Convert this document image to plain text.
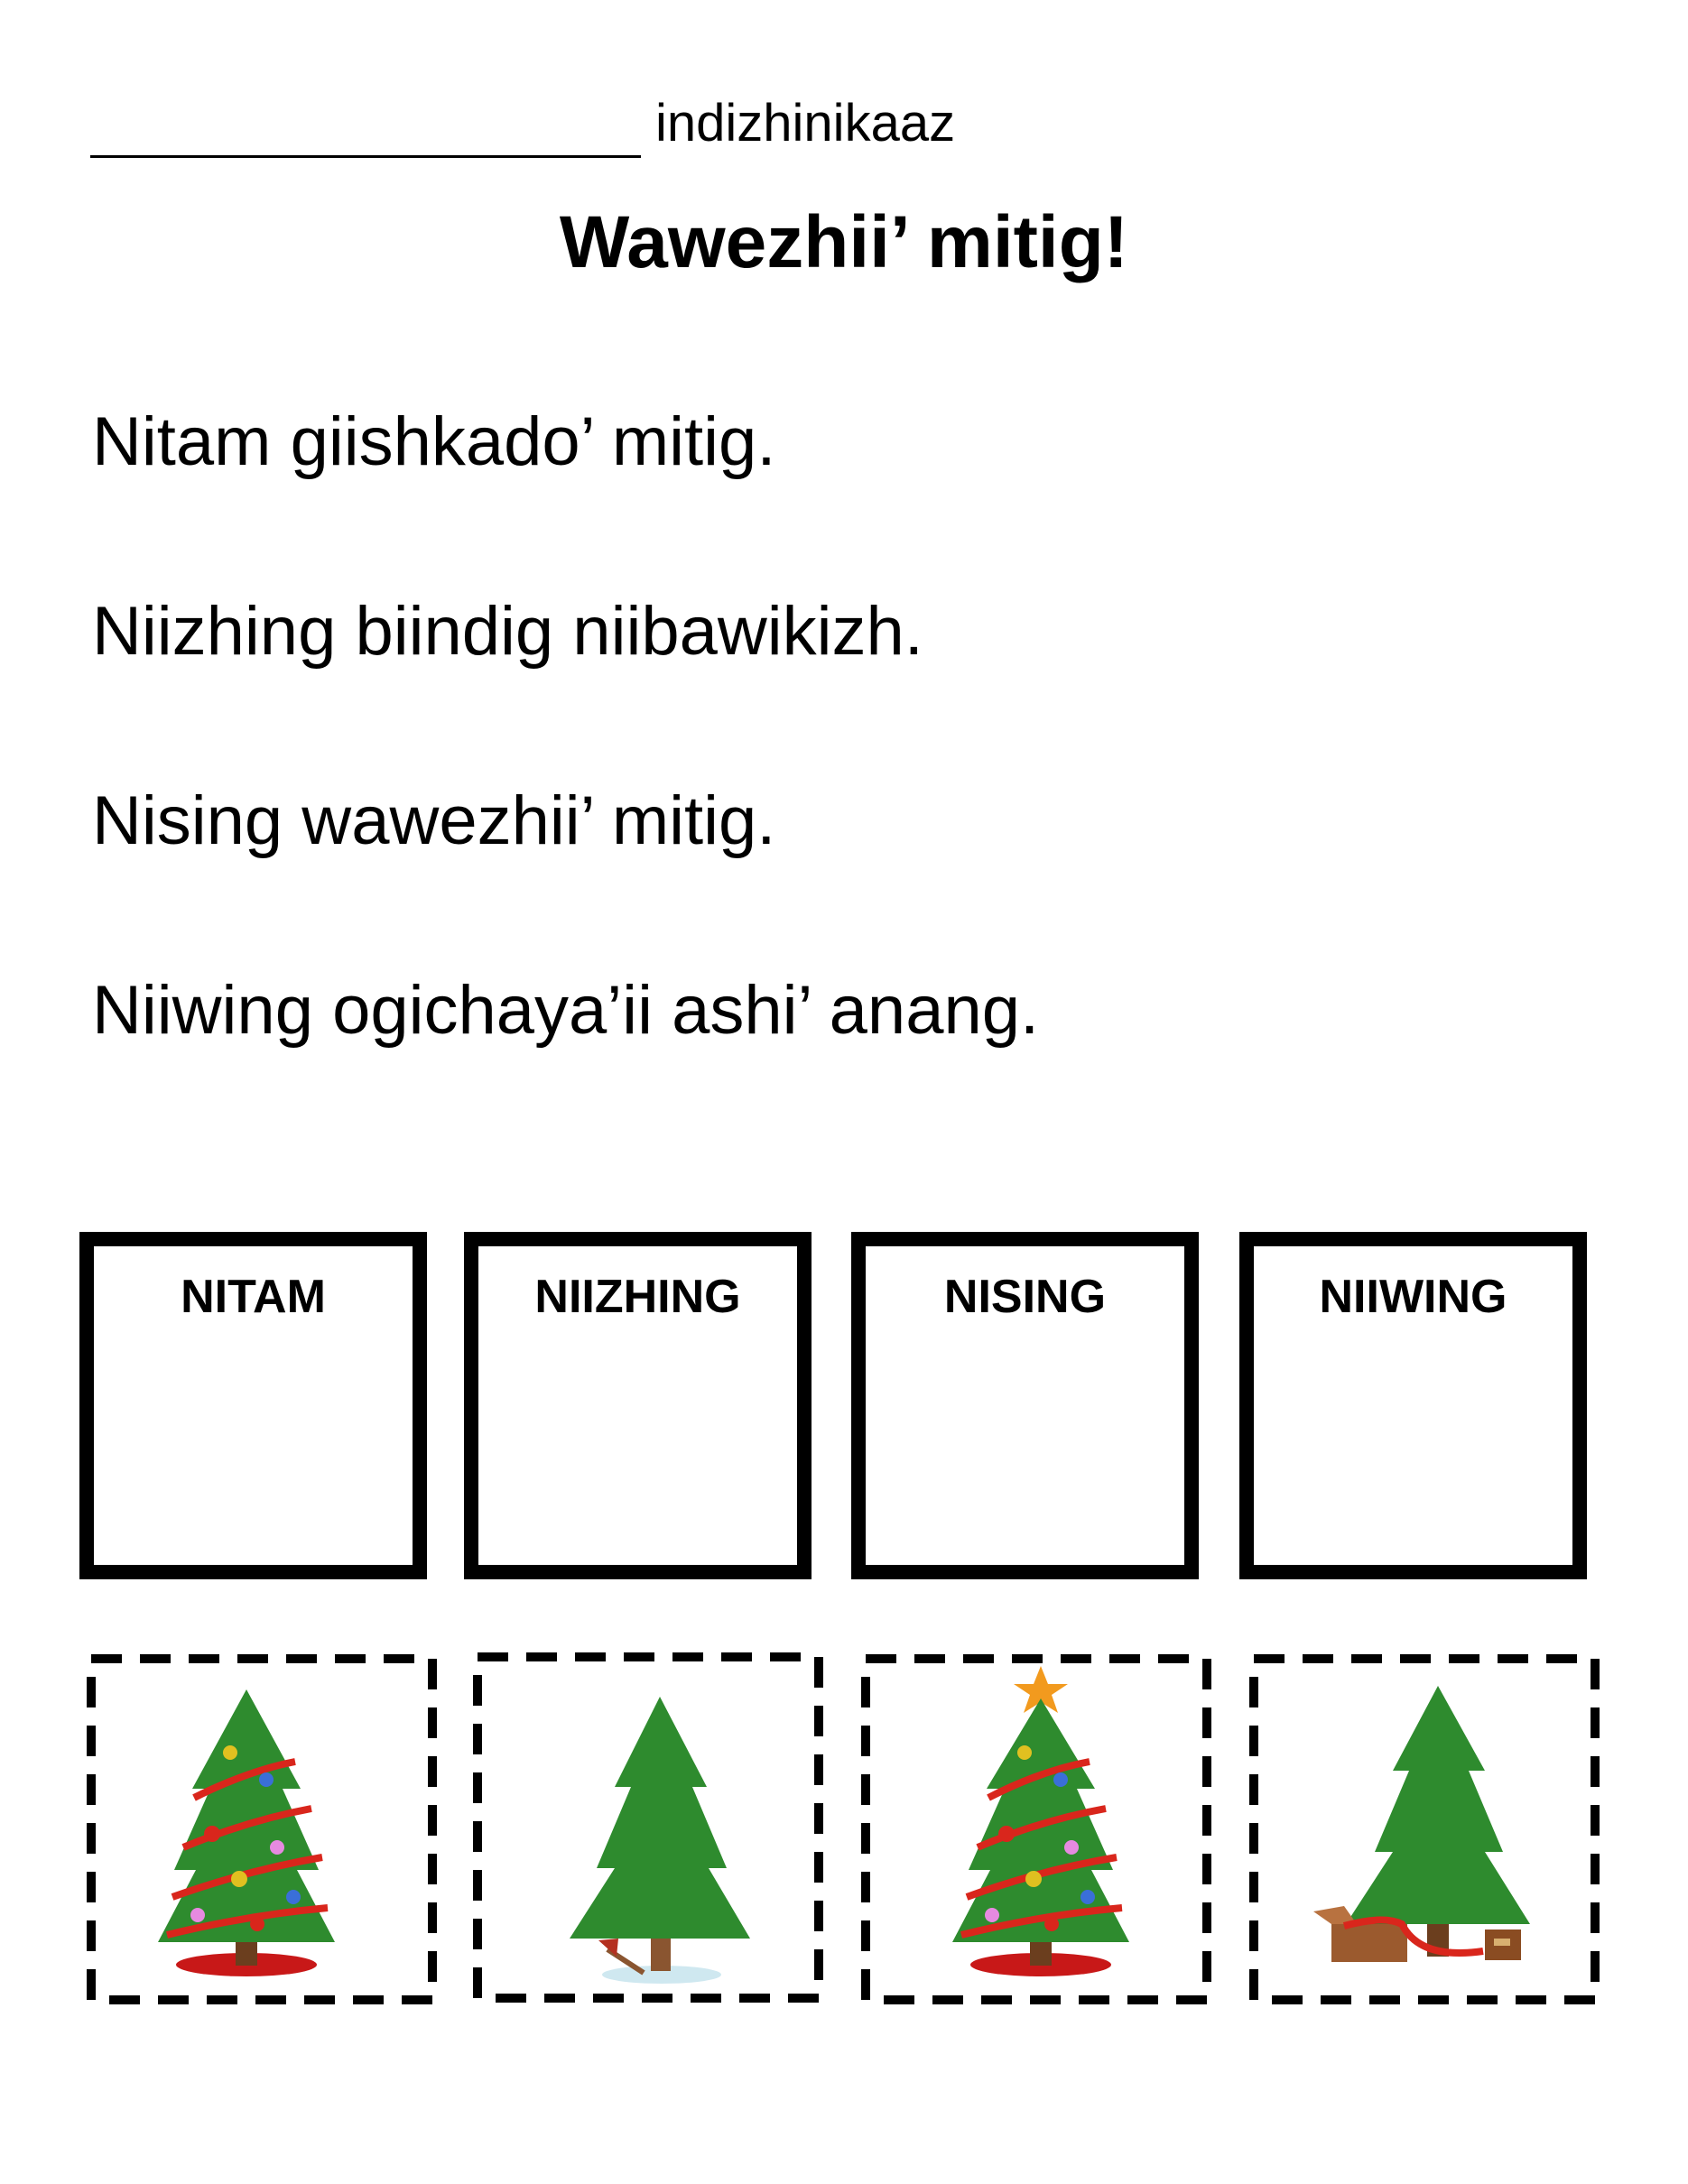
indizhinikaaz
Wawezhii’ mitig!
Nitam giishkado’ mitig.
Niizhing biindig niibawikizh.
Nising wawezhii’ mitig.
Niiwing ogichaya’ii ashi’ anang.
NITAM	NIIZHING	NISING	NIIWING
